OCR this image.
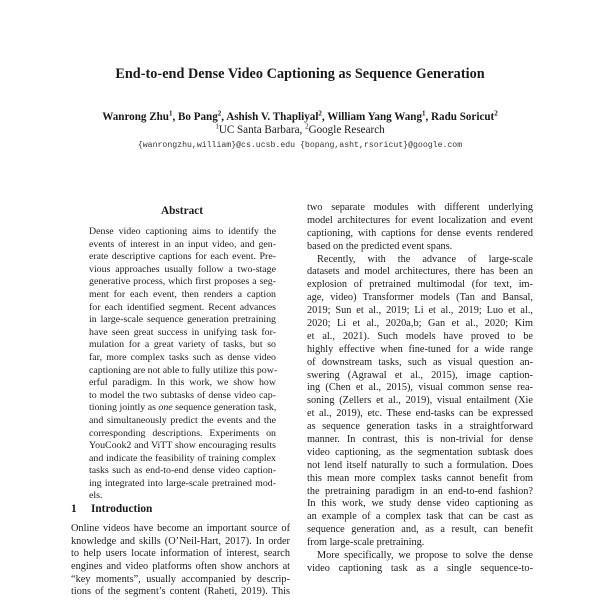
End-to-end Dense Video Captioning as Sequence Generation
Wanrong Zhu$^1$, Bo Pang$^2$, Ashish V. Thapliyal$^2$, William Yang Wang$^1$, Radu Soricut$^2$
$^1$UC Santa Barbara, $^2$Google Research
{wanrongzhu,william}@cs.ucsb.edu {bopang,asht,rsoricut}@google.com
Abstract
Dense video captioning aims to identify the
events of interest in an input video, and gen-
erate descriptive captions for each event. Pre-
vious approaches usually follow a two-stage
generative process, which first proposes a seg-
ment for each event, then renders a caption
for each identified segment. Recent advances
in large-scale sequence generation pretraining
have seen great success in unifying task for-
mulation for a great variety of tasks, but so
far, more complex tasks such as dense video
captioning are not able to fully utilize this pow-
erful paradigm. In this work, we show how
to model the two subtasks of dense video cap-
tioning jointly as one sequence generation task,
and simultaneously predict the events and the
corresponding descriptions. Experiments on
YouCook2 and ViTT show encouraging results
and indicate the feasibility of training complex
tasks such as end-to-end dense video caption-
ing integrated into large-scale pretrained mod-
els.
1 Introduction
Online videos have become an important source of
knowledge and skills (O’Neil-Hart, 2017). In order
to help users locate information of interest, search
engines and video platforms often show anchors at
“key moments”, usually accompanied by descrip-
tions of the segment’s content (Raheti, 2019). This
two separate modules with different underlying
model architectures for event localization and event
captioning, with captions for dense events rendered
based on the predicted event spans.
Recently, with the advance of large-scale
datasets and model architectures, there has been an
explosion of pretrained multimodal (for text, im-
age, video) Transformer models (Tan and Bansal,
2019; Sun et al., 2019; Li et al., 2019; Luo et al.,
2020; Li et al., 2020a,b; Gan et al., 2020; Kim
et al., 2021). Such models have proved to be
highly effective when fine-tuned for a wide range
of downstream tasks, such as visual question an-
swering (Agrawal et al., 2015), image caption-
ing (Chen et al., 2015), visual common sense rea-
soning (Zellers et al., 2019), visual entailment (Xie
et al., 2019), etc. These end-tasks can be expressed
as sequence generation tasks in a straightforward
manner. In contrast, this is non-trivial for dense
video captioning, as the segmentation subtask does
not lend itself naturally to such a formulation. Does
this mean more complex tasks cannot benefit from
the pretraining paradigm in an end-to-end fashion?
In this work, we study dense video captioning as
an example of a complex task that can be cast as
sequence generation and, as a result, can benefit
from large-scale pretraining.
More specifically, we propose to solve the dense
video captioning task as a single sequence-to-
